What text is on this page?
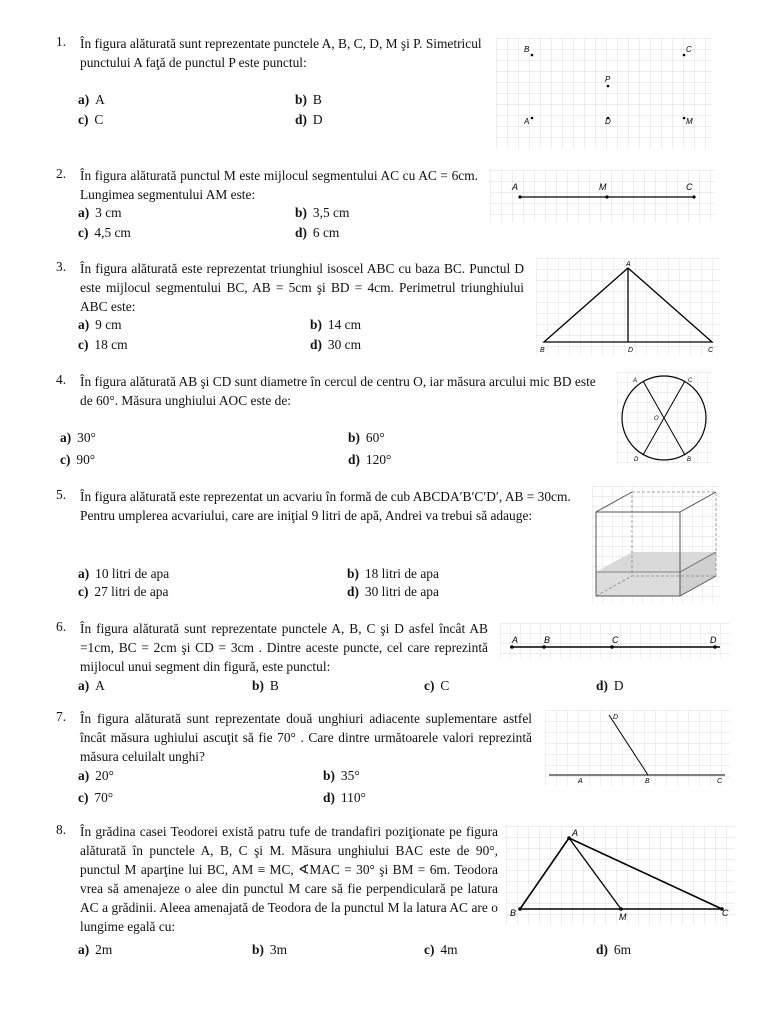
1. În figura alăturată sunt reprezentate punctele A, B, C, D, M şi P. Simetricul punctului A faţă de punctul P este punctul:
a) A	b) B
c) C	d) D
B	C
P
A	D	M
2. În figura alăturată punctul M este mijlocul segmentului AC cu AC = 6cm. Lungimea segmentului AM este:
a) 3 cm	b) 3,5 cm
c) 4,5 cm	d) 6 cm
A	M	C
3. În figura alăturată este reprezentat triunghiul isoscel ABC cu baza BC. Punctul D este mijlocul segmentului BC, AB = 5cm şi BD = 4cm. Perimetrul triunghiului ABC este:
a) 9 cm	b) 14 cm
c) 18 cm	d) 30 cm
A
B	D	C
4. În figura alăturată AB şi CD sunt diametre în cercul de centru O, iar măsura arcului mic BD este de 60°. Măsura unghiului AOC este de:
a) 30°	b) 60°
c) 90°	d) 120°
A	C
O
D	B
5. În figura alăturată este reprezentat un acvariu în formă de cub ABCDA′B′C′D′, AB = 30cm. Pentru umplerea acvariului, care are iniţial 9 litri de apă, Andrei va trebui să adauge:
a) 10 litri de apa	b) 18 litri de apa
c) 27 litri de apa	d) 30 litri de apa
6. În figura alăturată sunt reprezentate punctele A, B, C şi D asfel încât AB =1cm, BC = 2cm şi CD = 3cm . Dintre aceste puncte, cel care reprezintă mijlocul unui segment din figură, este punctul:
a) A	b) B	c) C	d) D
A	B	C	D
7. În figura alăturată sunt reprezentate două unghiuri adiacente suplementare astfel încât măsura ughiului ascuţit să fie 70° . Care dintre următoarele valori reprezintă măsura celuilalt unghi?
a) 20°	b) 35°
c) 70°	d) 110°
D
A	B	C
8. În grădina casei Teodorei există patru tufe de trandafiri poziţionate pe figura alăturată în punctele A, B, C şi M. Măsura unghiului BAC este de 90°, punctul M aparţine lui BC, AM ≡ MC, ∢MAC = 30° şi BM = 6m. Teodora vrea să amenajeze o alee din punctul M care să fie perpendiculară pe latura AC a grădinii. Aleea amenajată de Teodora de la punctul M la latura AC are o lungime egală cu:
a) 2m	b) 3m	c) 4m	d) 6m
A
B	M	C
